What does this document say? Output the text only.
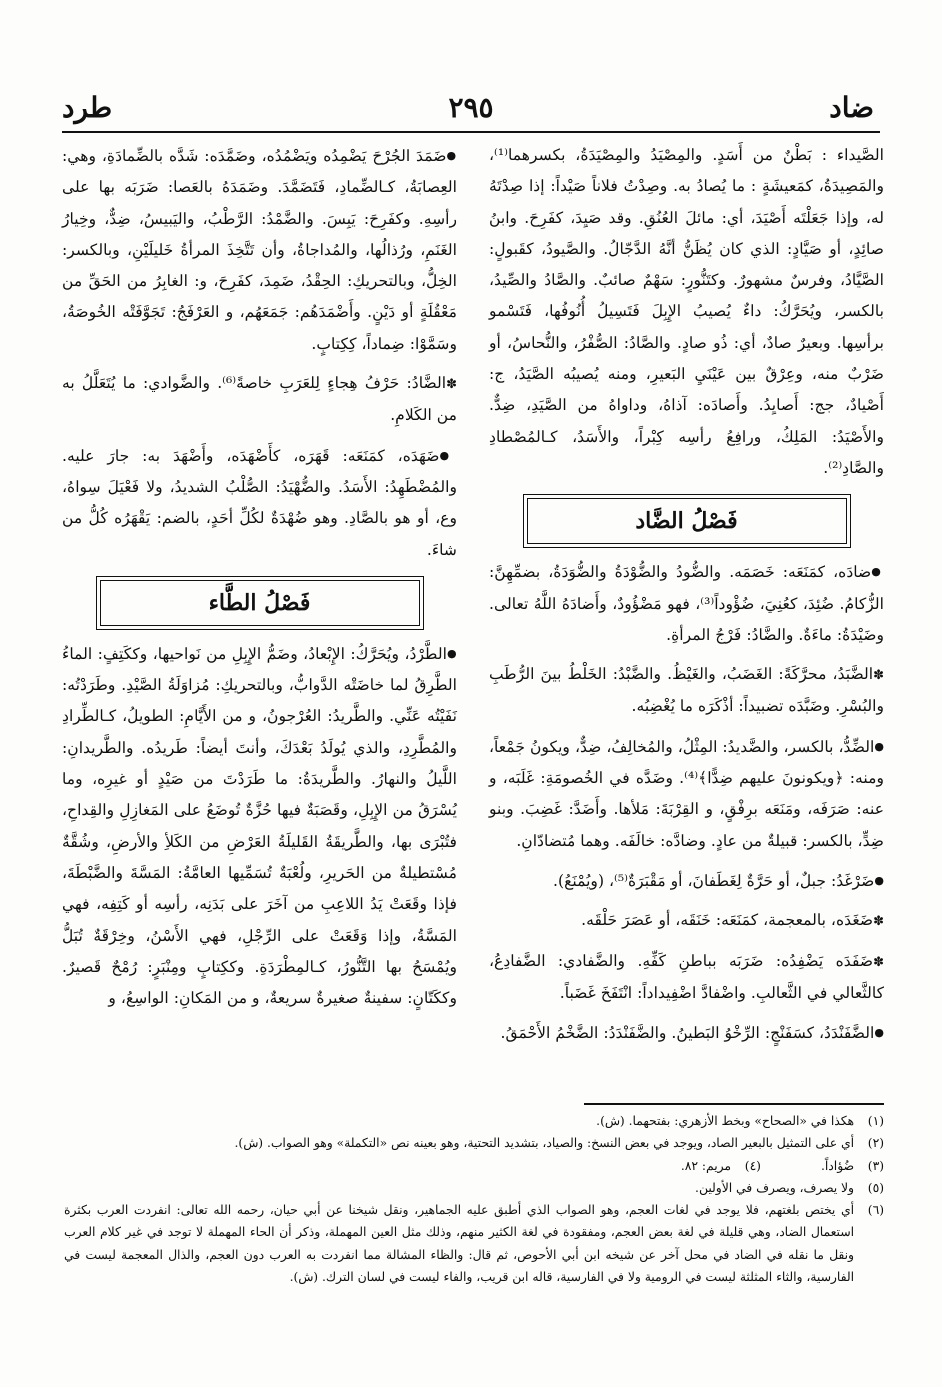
ضاد
٢٩٥
طرد

الصَّيداء : بَطْنٌ من أَسَدٍ. والمِصْيَدُ والمِصْيَدَةُ، بكسرهما⁽¹⁾، والمَصِيدَةُ، كمَعيشَةٍ : ما يُصادُ به. وصِدْتُ فلاناً صَيْداً: إذا صِدْتَهُ له، وإذا جَعَلْتَه أَصْيَدَ، أي: مائلَ العُنُقِ. وقد صَيِدَ، كفَرِحَ. وابنُ صائِدٍ، أو صَيَّادٍ: الذي كان يُظَنُّ أنَّهُ الدَّجّالُ. والصَّيودُ، كقَبولٍ: الصَّيَّادُ، وفرسٌ مشهورٌ. وكتَنُّورٍ: سَهْمٌ صائبٌ. والصَّادُ والصِّيدُ، بالكسر، ويُحَرَّكُ: داءٌ يُصيبُ الإِبِلَ فَتَسِيلُ أُنُوفُها، فَتَسْمو برأسِها. وبعيرٌ صادٌ، أي: ذُو صادٍ. والصَّادُ: الصُّفْرُ، والنُّحاسُ، أو ضَرْبٌ منه، وعِرْقٌ بين عَيْنَيِ البَعيرِ، ومنه يُصيبُه الصَّيَدُ، ج: أَصْيادٌ، جج: أَصايِدُ. وأَصادَه: آذاهُ، وداواهُ من الصَّيَدِ، ضِدٌّ. والأَصْيَدُ: المَلِكُ، ورافِعُ رأسِه كِبْراً، والأَسَدُ، كـالمُصْطادِ والصَّادِ⁽²⁾.

فَصْلُ الضَّاد

● ضادَه، كمَنَعَه: خَصَمَه. والضُّودُ والضُّوْدَةُ والضُّوَدَةُ، بضمِّهِنَّ: الزُّكامُ. ضُئِدَ، كعُنِيَ، ضُؤْوداً⁽³⁾، فهو مَضْؤُودٌ، وأَضادَهُ اللَّهُ تعالى. وضَيْدَةُ: ماءَةٌ. والضَّادُ: فَرْجُ المرأةِ.

✽ الضَّبَدُ، محرَّكَةً: الغَضَبُ، والغَيْظُ. والضَّبْدُ: الخَلْطُ بينَ الرُّطَبِ والبُسْرِ. وضَبَّدَه تضبيداً: أذْكَرَه ما يُغْضِبُه.

● الضِّدُّ، بالكسر، والضَّديدُ: المِثْلُ، والمُخالِفُ، ضِدٌّ، ويكونُ جَمْعاً، ومنه: ﴿ويكونونَ عليهم ضِدًّا﴾⁽⁴⁾. وضَدَّه في الخُصومَةِ: غَلَبَه، و عنه: صَرَفَه، ومَنَعَه برِفْقٍ، و القِرْبَةَ: مَلأها. وأَضَدَّ: غَضِبَ. وبنو ضِدٍّ، بالكسر: قبيلةٌ من عادٍ. وضادَّه: خالَفَه. وهما مُتضادّانِ.

● ضَرْغَدُ: جبلٌ، أو حَرَّةٌ لِغَطَفانَ، أو مَقْبَرَةٌ⁽⁵⁾، (ويُمْنَعُ).

✽ ضَغَدَه، بالمعجمة، كمَنَعَه: خَنَقَه، أو عَصَرَ حَلْقَه.

✽ ضَفَدَه يَضْفِدُه: ضَرَبَه بباطنِ كَفِّهِ. والضَّفادي: الضَّفادِعُ، كالثَّعالي في الثَّعالبِ. واضْفادَّ اضْفِيداداً: انْتَفَخَ غَضَباً.

● الضَّفَنْدَدُ، كسَفَنْجٍ: الرِّخْوُ البَطينُ. والضَّفَنْدَدُ: الضَّخْمُ الأَحْمَقُ.

● ضَمَدَ الجُرْحَ يَضْمِدُه ويَضْمُدُه، وضَمَّدَه: شَدَّه بالضِّمادَةِ، وهي: العِصابَةُ، كـالضِّمادِ، فَتَضَمَّدَ. وضَمَدَهُ بالعَصا: ضَرَبَه بها على رأسِهِ. وكفَرِحَ: يَبِسَ. والضَّمْدُ: الرَّطْبُ، واليَبيسُ، ضِدٌّ، وخِيارُ الغَنَمِ، ورُذالُها، والمُداجاةُ، وأن تَتَّخِذَ المرأةُ خَليلَيْنِ، وبالكسر: الخِلُّ، وبالتحريكِ: الحِقْدُ، ضَمِدَ، كفَرِحَ، و: الغابِرُ من الحَقِّ من مَعْقُلَةٍ أو دَيْنٍ. وأَضْمَدَهُم: جَمَعَهُم، و العَرْفَجُ: تَجَوَّفَتْه الخُوصَةُ، وسَمَّوْا: ضِماداً، كِكِتابٍ.

✽ الضَّادُ: حَرْفُ هِجاءٍ لِلعَرَبِ خاصةً⁽⁶⁾. والضَّوادي: ما يُتَعَلَّلُ به من الكَلامِ.

● ضَهَدَه، كمَنَعَه: قَهَرَه، كأَضْهَدَه، وأَضْهَدَ به: جارَ عليه. والمُضْطَهِدُ: الأَسَدُ. والضُّهْيَدُ: الصُّلْبُ الشديدُ، ولا فَعْيَلَ سِواهُ، وع، أو هو بالصَّادِ. وهو ضُهْدَةٌ لكُلِّ أحَدٍ، بالضم: يَقْهَرُه كُلُّ من شاءَ.

فَصْلُ الطَّاء

● الطَّرْدُ، ويُحَرَّكُ: الإِبْعادُ، وضَمُّ الإِبِلِ من نَواحيها، وككَتِفٍ: الماءُ الطَّرِقُ لما خاضَتْه الدَّوابُّ، وبالتحريكِ: مُزاوَلَةُ الصَّيْدِ. وطَرَدْتُه: نَفَيْتُه عَنِّي. والطَّريدُ: العُرْجونُ، و من الأَيَّامِ: الطويلُ، كـالطِّرادِ والمُطَّرِدِ، والذي يُولَدُ بَعْدَكَ، وأنتَ أيضاً: طَريدُه. والطَّريدانِ: اللَّيلُ والنهارُ. والطَّريدَةُ: ما طَرَدْتَ من صَيْدٍ أو غيرِه، وما يُسْرَقُ من الإِبِلِ، وقَصَبَةٌ فيها حُزَّةٌ تُوضَعُ على المَغازِلِ والقِداحِ، فتُبْرَى بها، والطَّريقَةُ القَليلَةُ العَرْضِ من الكَلأِ والأرضِ، وشُقَّةٌ مُسْتطيلةٌ من الحَريرِ، ولُعْبَةٌ تُسَمِّيها العامَّةُ: المَسَّةَ والضَّبْطَةَ، فإذا وقَعَتْ يَدُ اللاعِبِ من آخَرَ على بَدَنِه، رأسِه أو كَتِفِه، فهي المَسَّةُ، وإذا وَقَعَتْ على الرِّجْلِ، فهي الأَسْنُ، وخِرْقَةٌ تُبَلُّ ويُمْسَحُ بها التَّنُّورُ، كـالمِطْرَدَةِ. وككِتابٍ ومِنْبَرٍ: رُمْحٌ قَصيرٌ. وككَتّانٍ: سفينةٌ صغيرةٌ سريعةٌ، و من المَكانِ: الواسِعُ، و

(١)
هكذا في «الصحاح» وبخط الأزهري: بفتحهما. (ش).
(٢)
أي على التمثيل بالبعير الصاد، ويوجد في بعض النسخ: والصياد، بتشديد التحتية، وهو بعينه نص «التكملة» وهو الصواب. (ش).
(٣)
ضُؤاداً.
(٤)
مريم: ٨٢.
(٥)
ولا يصرف، ويصرف في الأولين.
(٦)
أي يختص بلغتهم، فلا يوجد في لغات العجم، وهو الصواب الذي أطبق عليه الجماهير، ونقل شيخنا عن أبي حيان، رحمه الله تعالى: انفردت العرب بكثرة استعمال الضاد، وهي قليلة في لغة بعض العجم، ومفقودة في لغة الكثير منهم، وذلك مثل العين المهملة، وذكر أن الحاء المهملة لا توجد في غير كلام العرب ونقل ما نقله في الضاد في محل آخر عن شيخه ابن أبي الأحوص، ثم قال: والظاء المشالة مما انفردت به العرب دون العجم، والذال المعجمة ليست في الفارسية، والثاء المثلثة ليست في الرومية ولا في الفارسية، قاله ابن قريب، والفاء ليست في لسان الترك. (ش).
